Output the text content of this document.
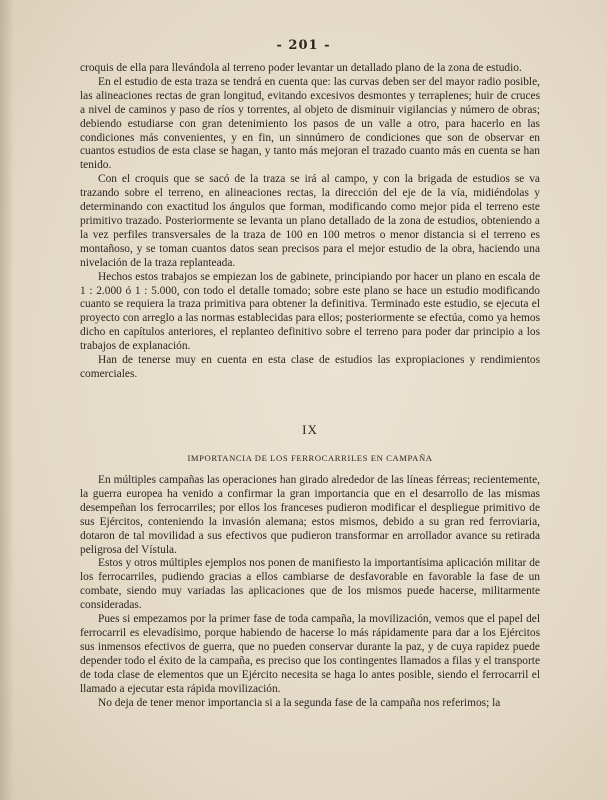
- 201 -

croquis de ella para llevándola al terreno poder levantar un detallado plano de la zona de estudio.

En el estudio de esta traza se tendrá en cuenta que: las curvas deben ser del mayor radio posible, las alineaciones rectas de gran longitud, evitando excesivos desmontes y terraplenes; huir de cruces a nivel de caminos y paso de ríos y torrentes, al objeto de disminuir vigilancias y número de obras; debiendo estudiarse con gran detenimiento los pasos de un valle a otro, para hacerlo en las condiciones más convenientes, y en fin, un sinnúmero de condiciones que son de observar en cuantos estudios de esta clase se hagan, y tanto más mejoran el trazado cuanto más en cuenta se han tenido.

Con el croquis que se sacó de la traza se irá al campo, y con la brigada de estudios se va trazando sobre el terreno, en alineaciones rectas, la dirección del eje de la vía, midiéndolas y determinando con exactitud los ángulos que forman, modificando como mejor pida el terreno este primitivo trazado. Posteriormente se levanta un plano detallado de la zona de estudios, obteniendo a la vez perfiles transversales de la traza de 100 en 100 metros o menor distancia si el terreno es montañoso, y se toman cuantos datos sean precisos para el mejor estudio de la obra, haciendo una nivelación de la traza replanteada.

Hechos estos trabajos se empiezan los de gabinete, principiando por hacer un plano en escala de 1 : 2.000 ó 1 : 5.000, con todo el detalle tomado; sobre este plano se hace un estudio modificando cuanto se requiera la traza primitiva para obtener la definitiva. Terminado este estudio, se ejecuta el proyecto con arreglo a las normas establecidas para ellos; posteriormente se efectúa, como ya hemos dicho en capítulos anteriores, el replanteo definitivo sobre el terreno para poder dar principio a los trabajos de explanación.

Han de tenerse muy en cuenta en esta clase de estudios las expropiaciones y rendimientos comerciales.

IX
IMPORTANCIA DE LOS FERROCARRILES EN CAMPAÑA

En múltiples campañas las operaciones han girado alrededor de las líneas férreas; recientemente, la guerra europea ha venido a confirmar la gran importancia que en el desarrollo de las mismas desempeñan los ferrocarriles; por ellos los franceses pudieron modificar el despliegue primitivo de sus Ejércitos, conteniendo la invasión alemana; estos mismos, debido a su gran red ferroviaria, dotaron de tal movilidad a sus efectivos que pudieron transformar en arrollador avance su retirada peligrosa del Vístula.

Estos y otros múltiples ejemplos nos ponen de manifiesto la importantísima aplicación militar de los ferrocarriles, pudiendo gracias a ellos cambiarse de desfavorable en favorable la fase de un combate, siendo muy variadas las aplicaciones que de los mismos puede hacerse, militarmente consideradas.

Pues si empezamos por la primer fase de toda campaña, la movilización, vemos que el papel del ferrocarril es elevadísimo, porque habiendo de hacerse lo más rápidamente para dar a los Ejércitos sus inmensos efectivos de guerra, que no pueden conservar durante la paz, y de cuya rapidez puede depender todo el éxito de la campaña, es preciso que los contingentes llamados a filas y el transporte de toda clase de elementos que un Ejército necesita se haga lo antes posible, siendo el ferrocarril el llamado a ejecutar esta rápida movilización.

No deja de tener menor importancia si a la segunda fase de la campaña nos referimos; la
